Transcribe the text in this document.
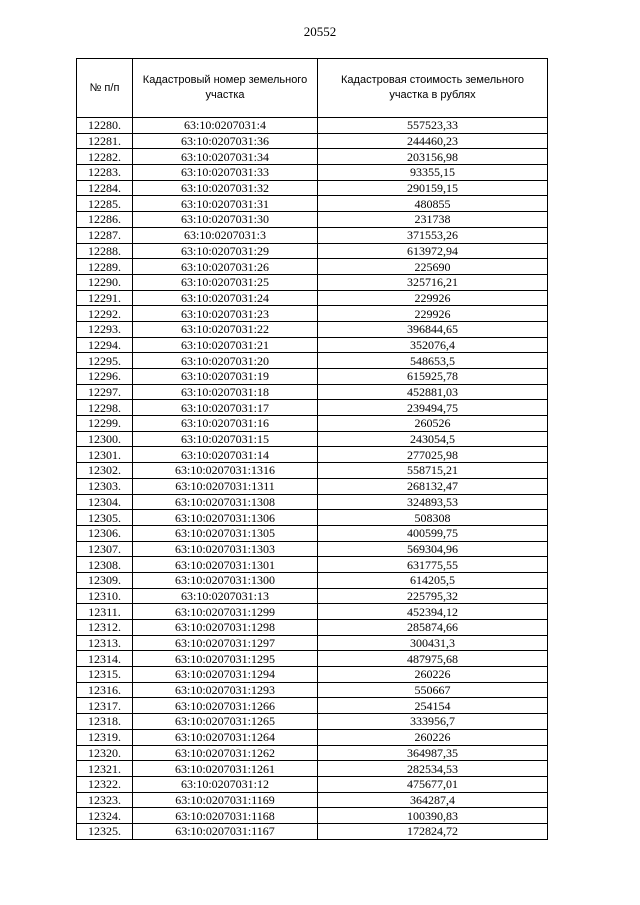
20552
№ п/п	Кадастровый номер земельного участка	Кадастровая стоимость земельного участка в рублях
12280.	63:10:0207031:4	557523,33
12281.	63:10:0207031:36	244460,23
12282.	63:10:0207031:34	203156,98
12283.	63:10:0207031:33	93355,15
12284.	63:10:0207031:32	290159,15
12285.	63:10:0207031:31	480855
12286.	63:10:0207031:30	231738
12287.	63:10:0207031:3	371553,26
12288.	63:10:0207031:29	613972,94
12289.	63:10:0207031:26	225690
12290.	63:10:0207031:25	325716,21
12291.	63:10:0207031:24	229926
12292.	63:10:0207031:23	229926
12293.	63:10:0207031:22	396844,65
12294.	63:10:0207031:21	352076,4
12295.	63:10:0207031:20	548653,5
12296.	63:10:0207031:19	615925,78
12297.	63:10:0207031:18	452881,03
12298.	63:10:0207031:17	239494,75
12299.	63:10:0207031:16	260526
12300.	63:10:0207031:15	243054,5
12301.	63:10:0207031:14	277025,98
12302.	63:10:0207031:1316	558715,21
12303.	63:10:0207031:1311	268132,47
12304.	63:10:0207031:1308	324893,53
12305.	63:10:0207031:1306	508308
12306.	63:10:0207031:1305	400599,75
12307.	63:10:0207031:1303	569304,96
12308.	63:10:0207031:1301	631775,55
12309.	63:10:0207031:1300	614205,5
12310.	63:10:0207031:13	225795,32
12311.	63:10:0207031:1299	452394,12
12312.	63:10:0207031:1298	285874,66
12313.	63:10:0207031:1297	300431,3
12314.	63:10:0207031:1295	487975,68
12315.	63:10:0207031:1294	260226
12316.	63:10:0207031:1293	550667
12317.	63:10:0207031:1266	254154
12318.	63:10:0207031:1265	333956,7
12319.	63:10:0207031:1264	260226
12320.	63:10:0207031:1262	364987,35
12321.	63:10:0207031:1261	282534,53
12322.	63:10:0207031:12	475677,01
12323.	63:10:0207031:1169	364287,4
12324.	63:10:0207031:1168	100390,83
12325.	63:10:0207031:1167	172824,72
